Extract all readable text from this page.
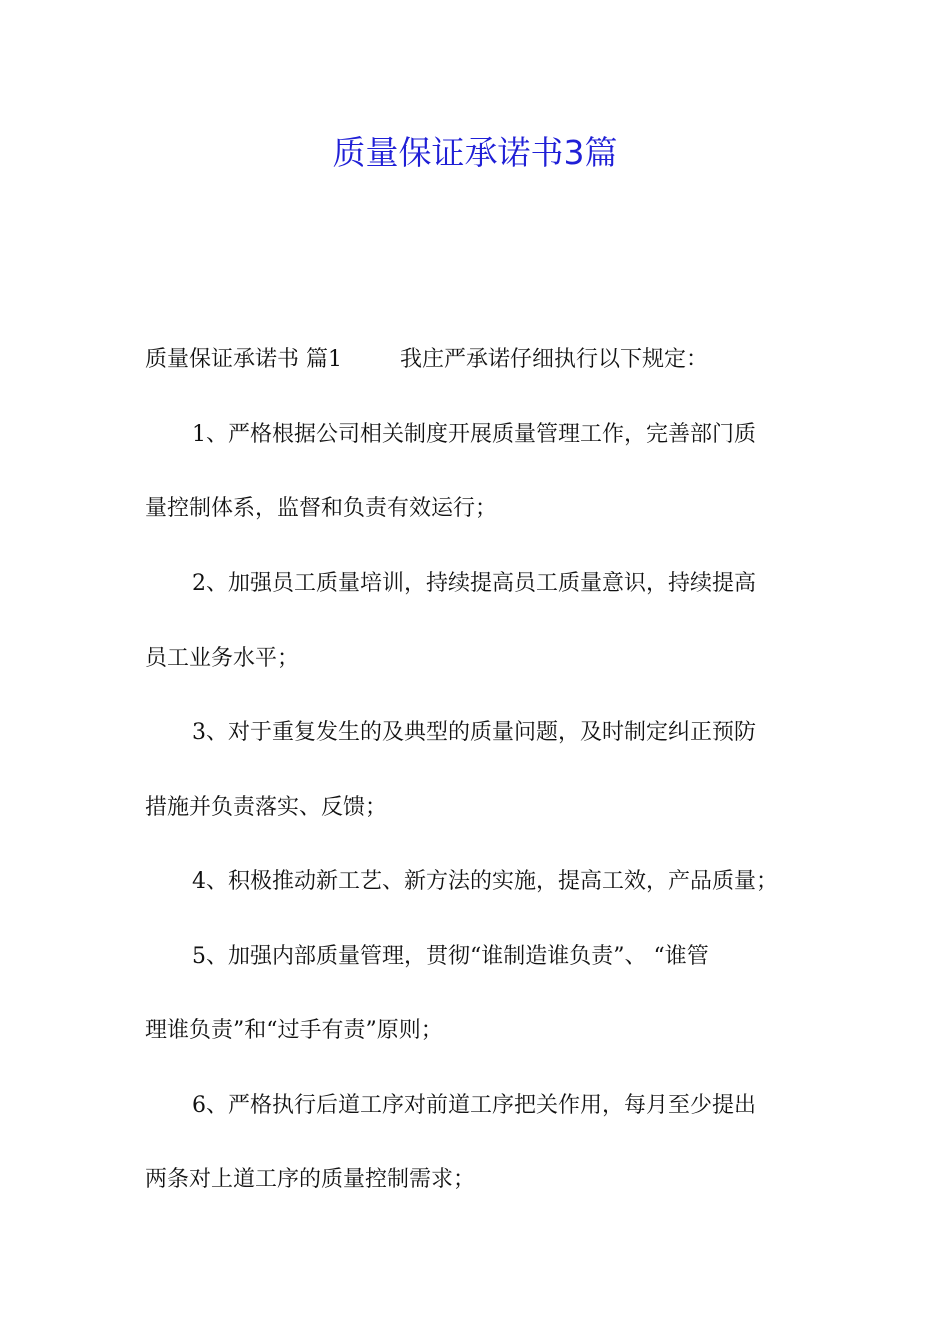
质量保证承诺书3篇
质量保证承诺书 篇1	我庄严承诺仔细执行以下规定：
1、严格根据公司相关制度开展质量管理工作，完善部门质
量控制体系，监督和负责有效运行；
2、加强员工质量培训，持续提高员工质量意识，持续提高
员工业务水平；
3、对于重复发生的及典型的质量问题，及时制定纠正预防
措施并负责落实、反馈；
4、积极推动新工艺、新方法的实施，提高工效，产品质量；
5、加强内部质量管理，贯彻“谁制造谁负责”、 “谁管
理谁负责”和“过手有责”原则；
6、严格执行后道工序对前道工序把关作用，每月至少提出
两条对上道工序的质量控制需求；
